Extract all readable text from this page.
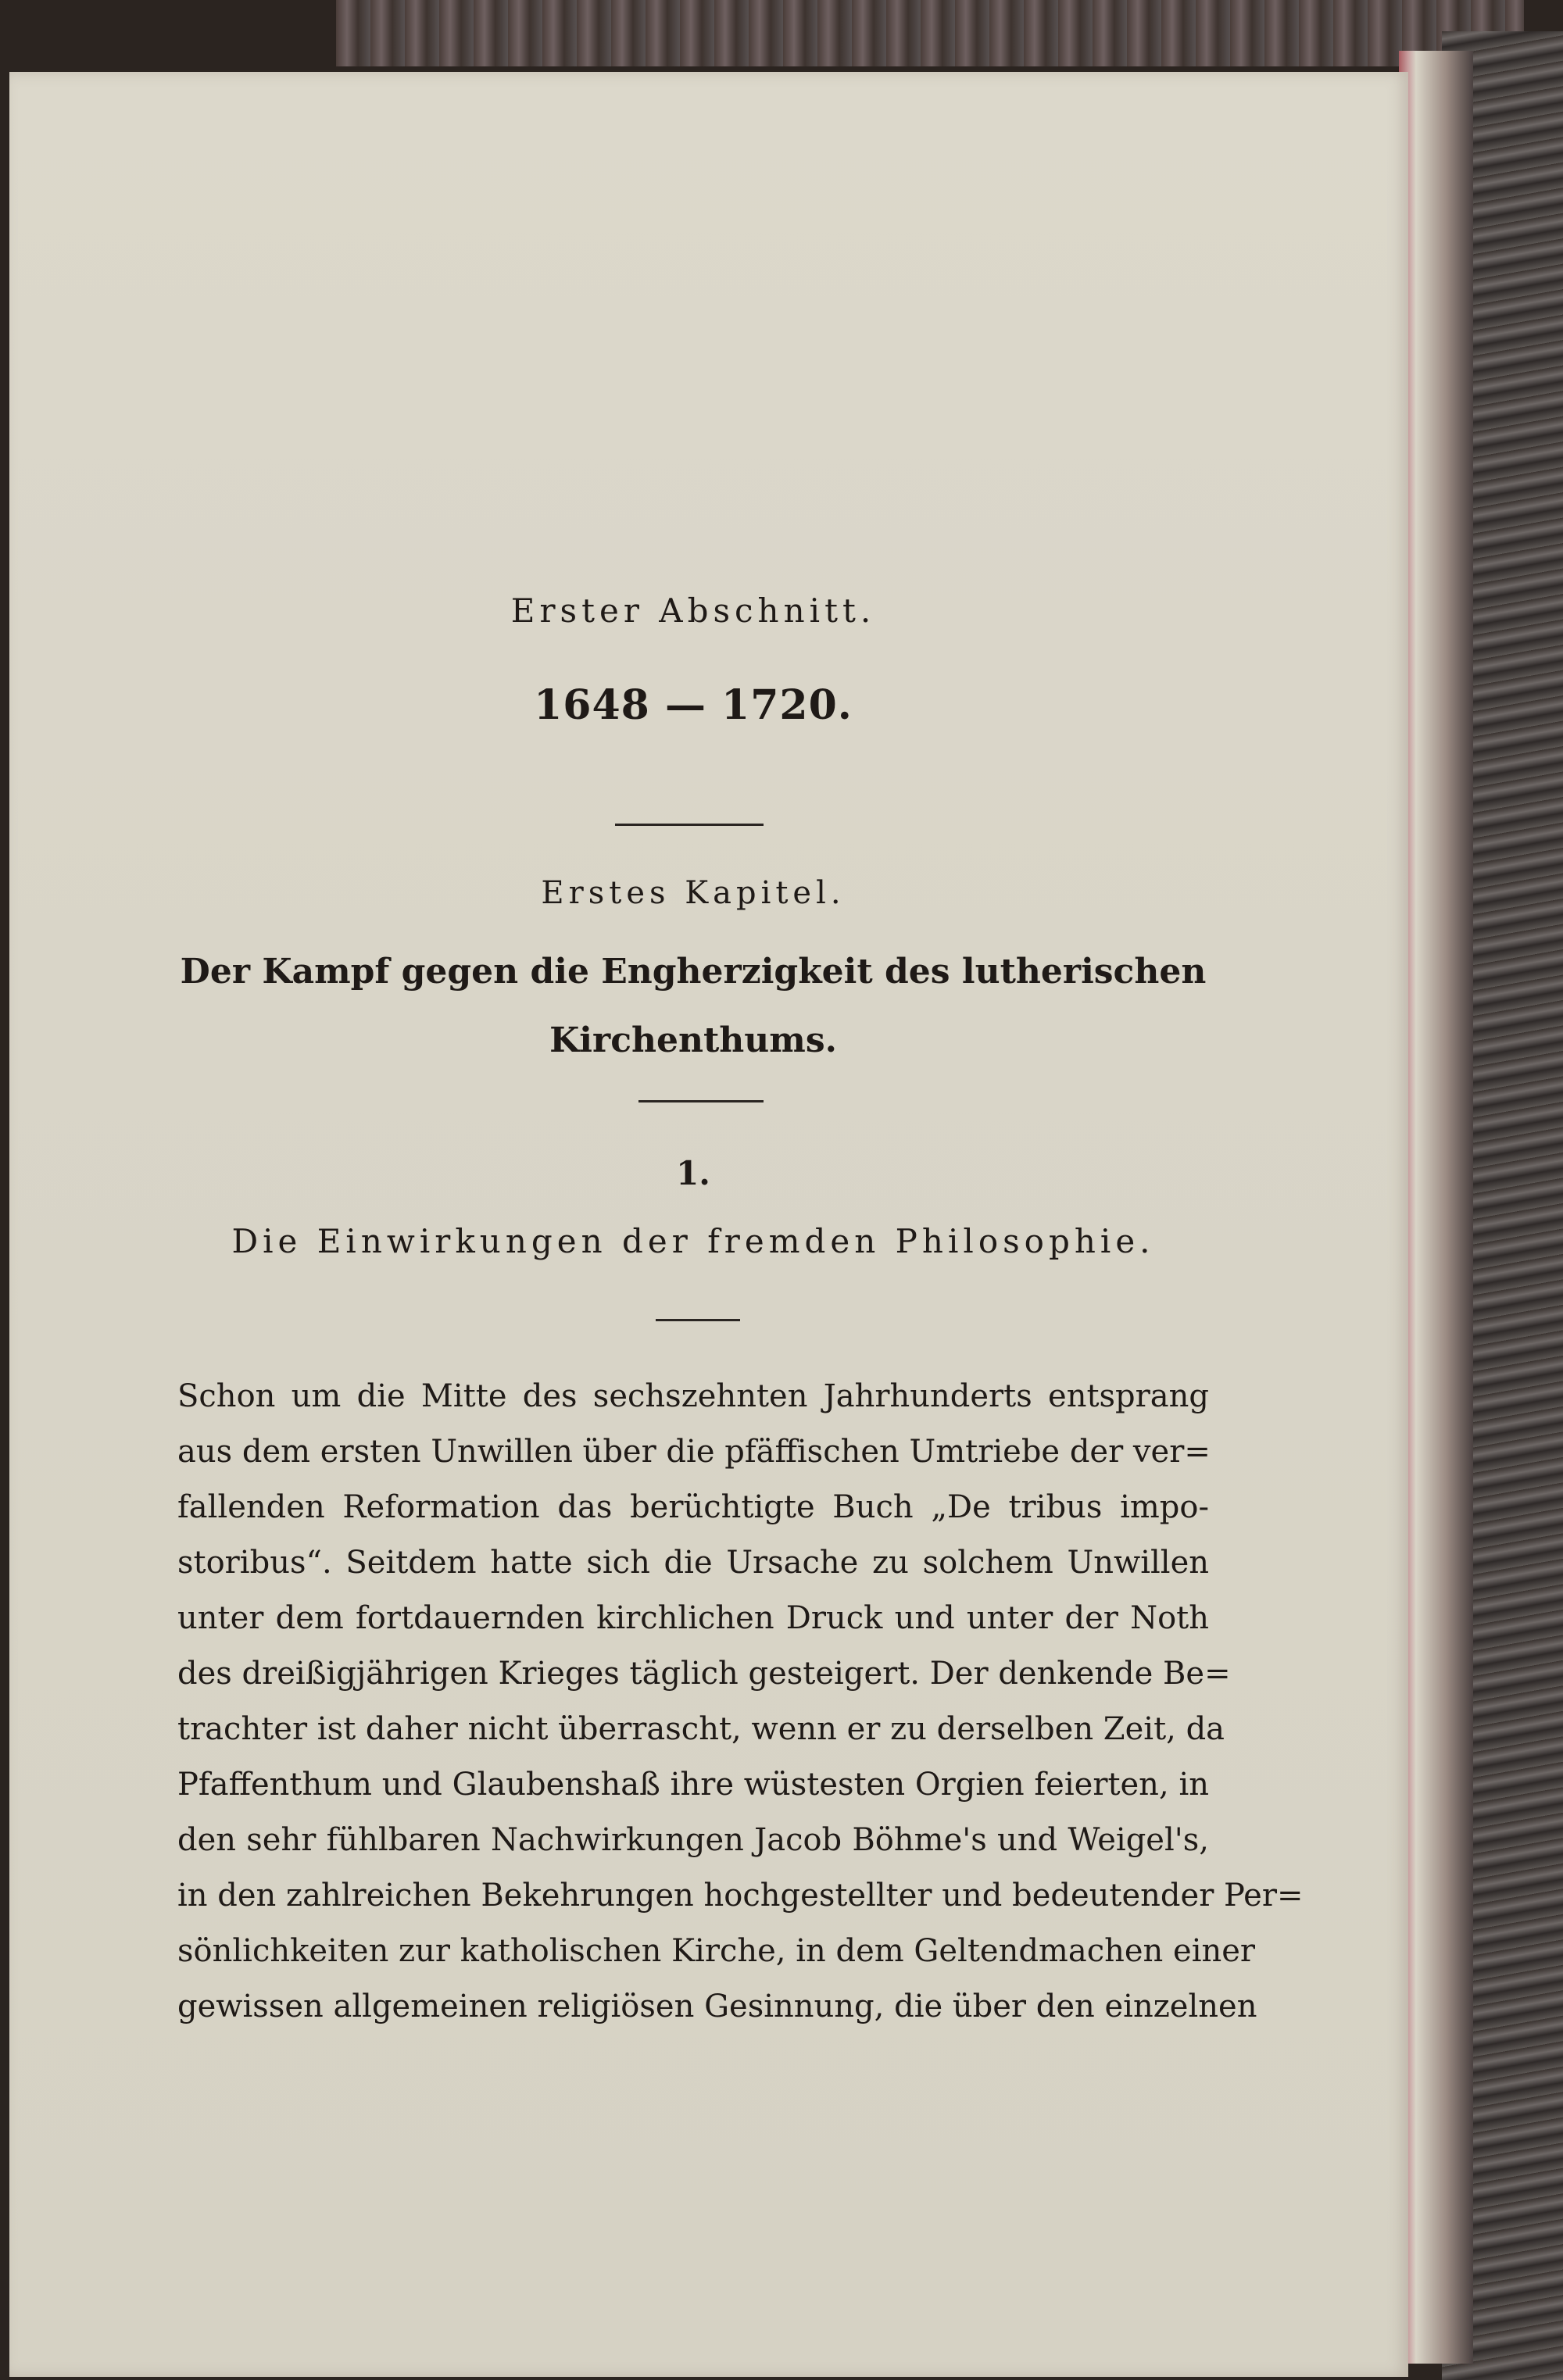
Erster Abschnitt.
1648 — 1720.
Erstes Kapitel.
Der Kampf gegen die Engherzigkeit des lutherischen
Kirchenthums.
1.
Die Einwirkungen der fremden Philosophie.
Schon um die Mitte des sechszehnten Jahrhunderts entsprang
aus dem ersten Unwillen über die pfäffischen Umtriebe der ver=
fallenden Reformation das berüchtigte Buch „De tribus impo-
storibus“. Seitdem hatte sich die Ursache zu solchem Unwillen
unter dem fortdauernden kirchlichen Druck und unter der Noth
des dreißigjährigen Krieges täglich gesteigert. Der denkende Be=
trachter ist daher nicht überrascht, wenn er zu derselben Zeit, da
Pfaffenthum und Glaubenshaß ihre wüstesten Orgien feierten, in
den sehr fühlbaren Nachwirkungen Jacob Böhme's und Weigel's,
in den zahlreichen Bekehrungen hochgestellter und bedeutender Per=
sönlichkeiten zur katholischen Kirche, in dem Geltendmachen einer
gewissen allgemeinen religiösen Gesinnung, die über den einzelnen
